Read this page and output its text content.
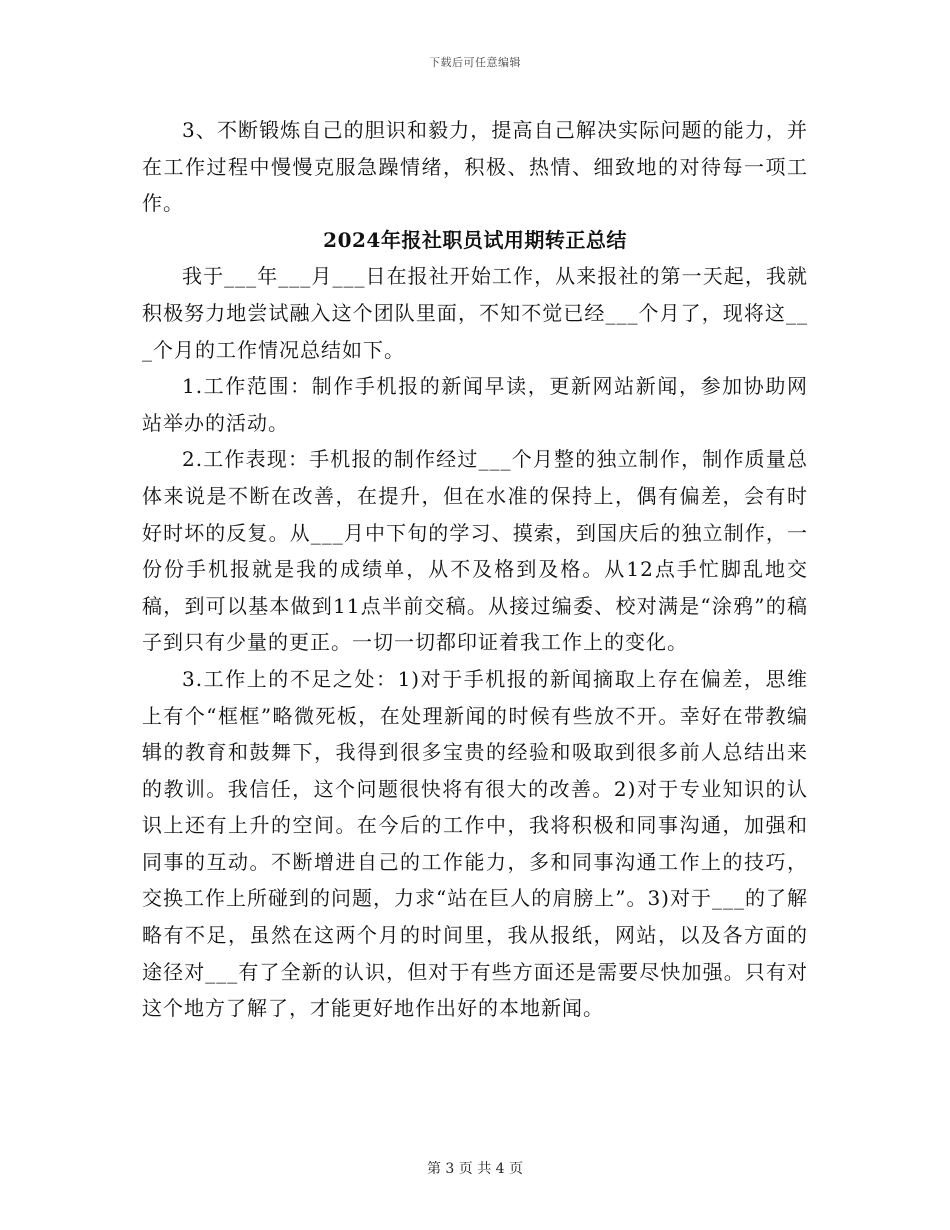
下载后可任意编辑

3、不断锻炼自己的胆识和毅力，提高自己解决实际问题的能力，并在工作过程中慢慢克服急躁情绪，积极、热情、细致地的对待每一项工作。

2024年报社职员试用期转正总结

我于___年___月___日在报社开始工作，从来报社的第一天起，我就积极努力地尝试融入这个团队里面，不知不觉已经___个月了，现将这___个月的工作情况总结如下。

1.工作范围：制作手机报的新闻早读，更新网站新闻，参加协助网站举办的活动。

2.工作表现：手机报的制作经过___个月整的独立制作，制作质量总体来说是不断在改善，在提升，但在水准的保持上，偶有偏差，会有时好时坏的反复。从___月中下旬的学习、摸索，到国庆后的独立制作，一份份手机报就是我的成绩单，从不及格到及格。从12点手忙脚乱地交稿，到可以基本做到11点半前交稿。从接过编委、校对满是“涂鸦”的稿子到只有少量的更正。一切一切都印证着我工作上的变化。

3.工作上的不足之处：1)对于手机报的新闻摘取上存在偏差，思维上有个“框框”略微死板，在处理新闻的时候有些放不开。幸好在带教编辑的教育和鼓舞下，我得到很多宝贵的经验和吸取到很多前人总结出来的教训。我信任，这个问题很快将有很大的改善。2)对于专业知识的认识上还有上升的空间。在今后的工作中，我将积极和同事沟通，加强和同事的互动。不断增进自己的工作能力，多和同事沟通工作上的技巧，交换工作上所碰到的问题，力求“站在巨人的肩膀上”。3)对于___的了解略有不足，虽然在这两个月的时间里，我从报纸，网站，以及各方面的途径对___有了全新的认识，但对于有些方面还是需要尽快加强。只有对这个地方了解了，才能更好地作出好的本地新闻。

第 3 页 共 4 页
